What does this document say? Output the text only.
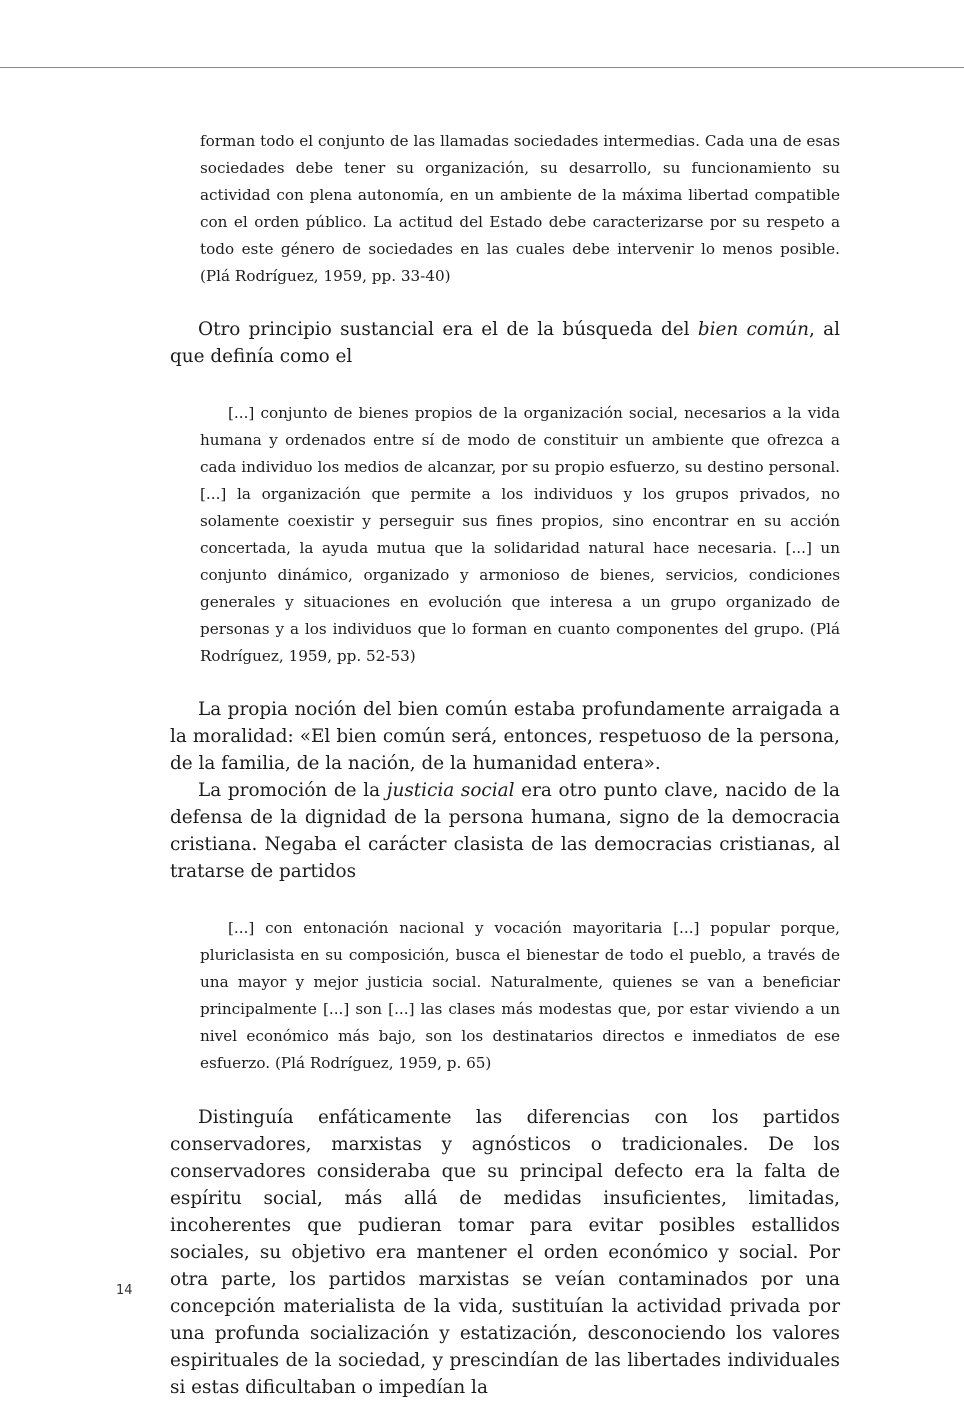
forman todo el conjunto de las llamadas sociedades intermedias. Cada una de esas sociedades debe tener su organización, su desarrollo, su funcionamiento su actividad con plena autonomía, en un ambiente de la máxima libertad compatible con el orden público. La actitud del Estado debe caracterizarse por su respeto a todo este género de sociedades en las cuales debe intervenir lo menos posible. (Plá Rodríguez, 1959, pp. 33-40)

Otro principio sustancial era el de la búsqueda del bien común, al que definía como el

[...] conjunto de bienes propios de la organización social, necesarios a la vida humana y ordenados entre sí de modo de constituir un ambiente que ofrezca a cada individuo los medios de alcanzar, por su propio esfuerzo, su destino personal. [...] la organización que permite a los individuos y los grupos privados, no solamente coexistir y perseguir sus fines propios, sino encontrar en su acción concertada, la ayuda mutua que la solidaridad natural hace necesaria. [...] un conjunto dinámico, organizado y armonioso de bienes, servicios, condiciones generales y situaciones en evolución que interesa a un grupo organizado de personas y a los individuos que lo forman en cuanto componentes del grupo. (Plá Rodríguez, 1959, pp. 52-53)

La propia noción del bien común estaba profundamente arraigada a la moralidad: «El bien común será, entonces, respetuoso de la persona, de la familia, de la nación, de la humanidad entera».

La promoción de la justicia social era otro punto clave, nacido de la defensa de la dignidad de la persona humana, signo de la democracia cristiana. Negaba el carácter clasista de las democracias cristianas, al tratarse de partidos

[...] con entonación nacional y vocación mayoritaria [...] popular porque, pluriclasista en su composición, busca el bienestar de todo el pueblo, a través de una mayor y mejor justicia social. Naturalmente, quienes se van a beneficiar principalmente [...] son [...] las clases más modestas que, por estar viviendo a un nivel económico más bajo, son los destinatarios directos e inmediatos de ese esfuerzo. (Plá Rodríguez, 1959, p. 65)

Distinguía enfáticamente las diferencias con los partidos conservadores, marxistas y agnósticos o tradicionales. De los conservadores consideraba que su principal defecto era la falta de espíritu social, más allá de medidas insuficientes, limitadas, incoherentes que pudieran tomar para evitar posibles estallidos sociales, su objetivo era mantener el orden económico y social. Por otra parte, los partidos marxistas se veían contaminados por una concepción materialista de la vida, sustituían la actividad privada por una profunda socialización y estatización, desconociendo los valores espirituales de la sociedad, y prescindían de las libertades individuales si estas dificultaban o impedían la

14
